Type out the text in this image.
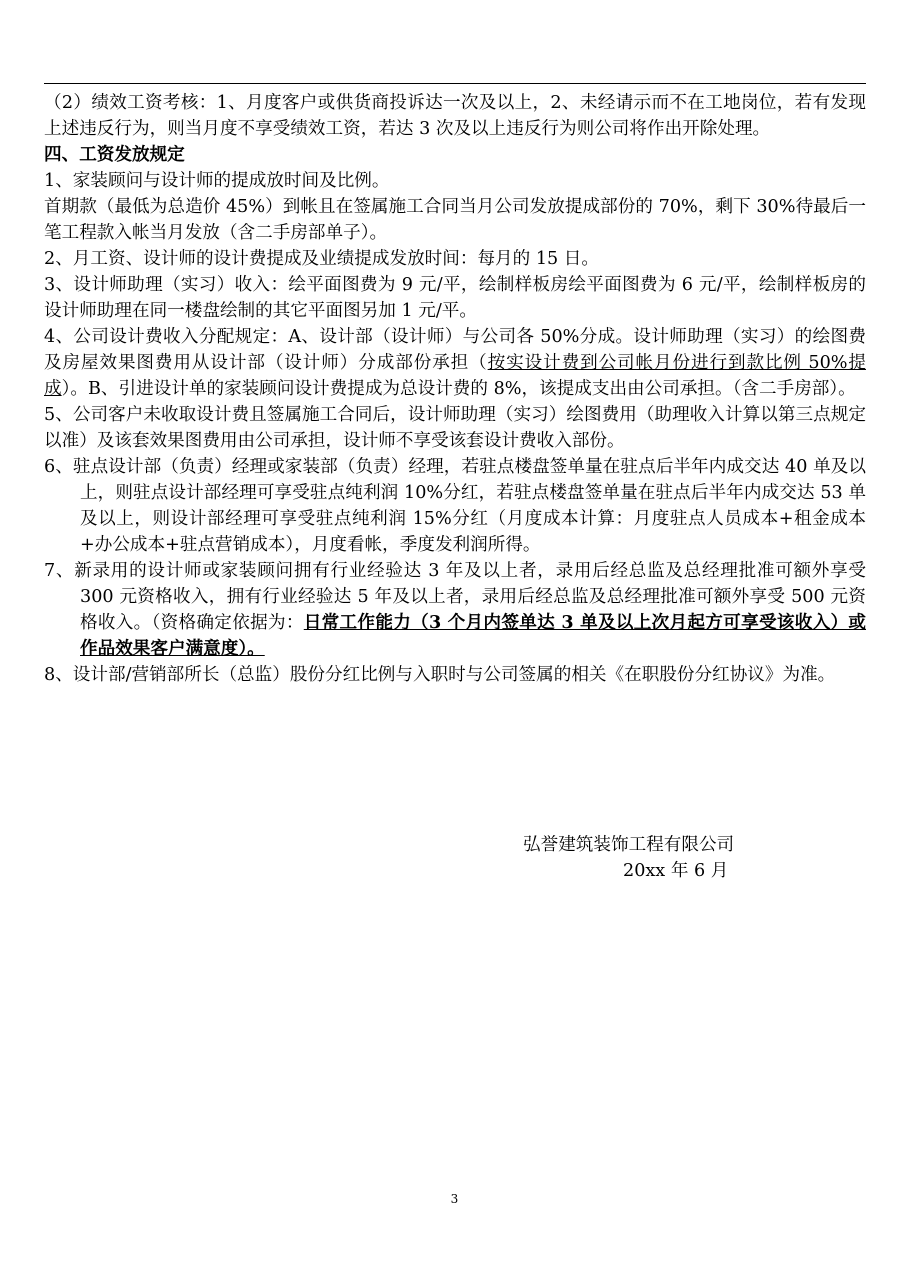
（2）绩效工资考核：1、月度客户或供货商投诉达一次及以上，2、未经请示而不在工地岗位，若有发现上述违反行为，则当月度不享受绩效工资，若达 3 次及以上违反行为则公司将作出开除处理。

四、工资发放规定

1、家装顾问与设计师的提成放时间及比例。

首期款（最低为总造价 45%）到帐且在签属施工合同当月公司发放提成部份的 70%，剩下 30%待最后一笔工程款入帐当月发放（含二手房部单子）。

2、月工资、设计师的设计费提成及业绩提成发放时间：每月的 15 日。

3、设计师助理（实习）收入：绘平面图费为 9 元/平，绘制样板房绘平面图费为 6 元/平，绘制样板房的设计师助理在同一楼盘绘制的其它平面图另加 1 元/平。

4、公司设计费收入分配规定：A、设计部（设计师）与公司各 50%分成。设计师助理（实习）的绘图费及房屋效果图费用从设计部（设计师）分成部份承担（按实设计费到公司帐月份进行到款比例 50%提成）。B、引进设计单的家装顾问设计费提成为总设计费的 8%，该提成支出由公司承担。（含二手房部）。

5、公司客户未收取设计费且签属施工合同后，设计师助理（实习）绘图费用（助理收入计算以第三点规定以准）及该套效果图费用由公司承担，设计师不享受该套设计费收入部份。

6、驻点设计部（负责）经理或家装部（负责）经理，若驻点楼盘签单量在驻点后半年内成交达 40 单及以上，则驻点设计部经理可享受驻点纯利润 10%分红，若驻点楼盘签单量在驻点后半年内成交达 53 单及以上，则设计部经理可享受驻点纯利润 15%分红（月度成本计算：月度驻点人员成本+租金成本+办公成本+驻点营销成本），月度看帐，季度发利润所得。

7、新录用的设计师或家装顾问拥有行业经验达 3 年及以上者，录用后经总监及总经理批准可额外享受 300 元资格收入，拥有行业经验达 5 年及以上者，录用后经总监及总经理批准可额外享受 500 元资格收入。（资格确定依据为：日常工作能力（3 个月内签单达 3 单及以上次月起方可享受该收入）或作品效果客户满意度）。

8、设计部/营销部所长（总监）股份分红比例与入职时与公司签属的相关《在职股份分红协议》为准。

弘誉建筑装饰工程有限公司
20xx 年 6 月
3
